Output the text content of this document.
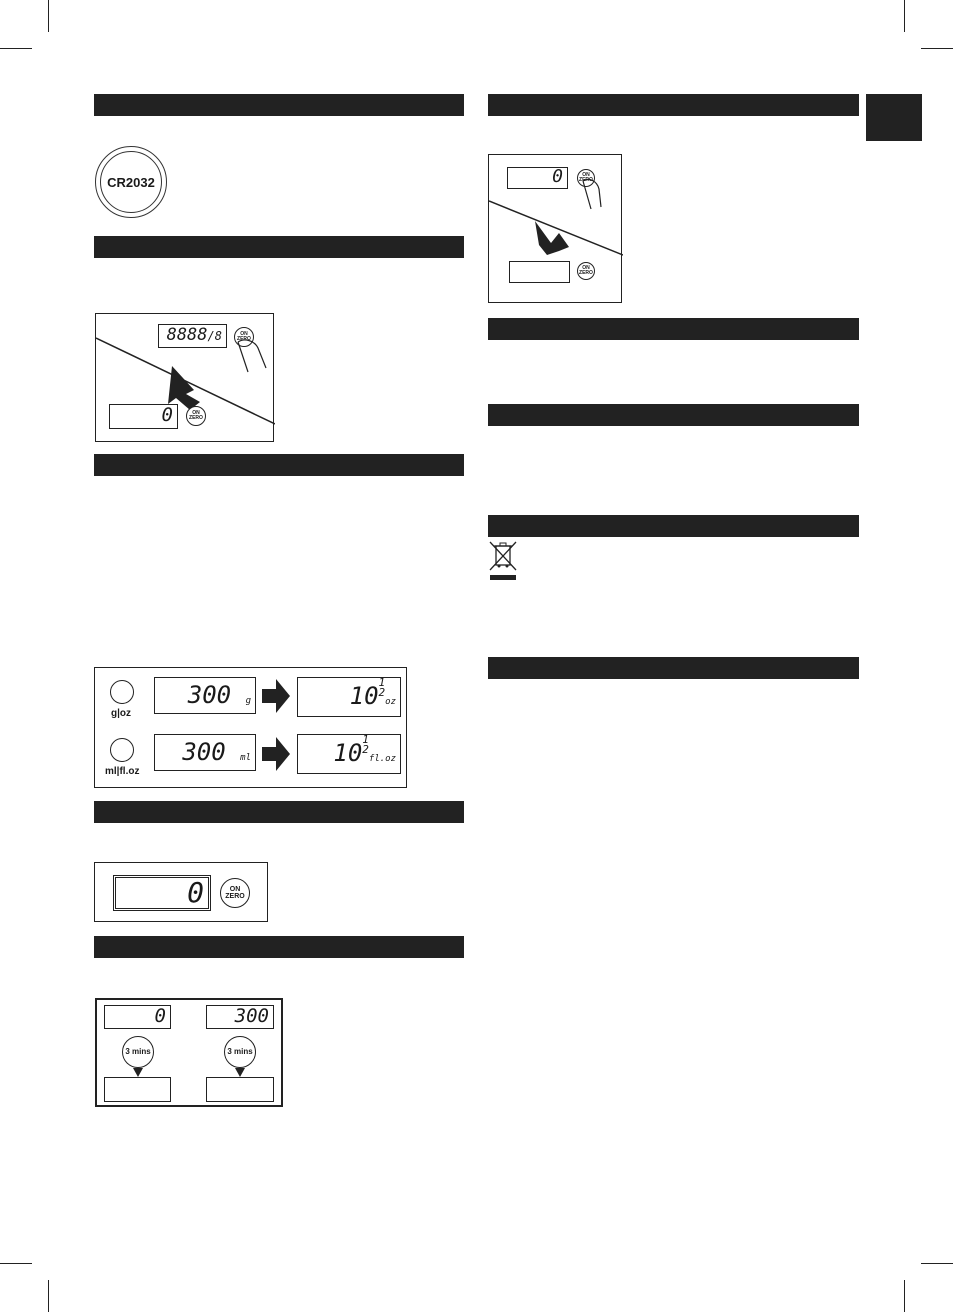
CR2032
8888/8	ON
ZERO
0	ON
ZERO
g|oz
300 g	10 1
2
oz
ml|fl.oz
300 ml	10 1
2
fl.oz
0	ON
ZERO
0	300
3 mins	3 mins
0	ON
ZERO
ON
ZERO
